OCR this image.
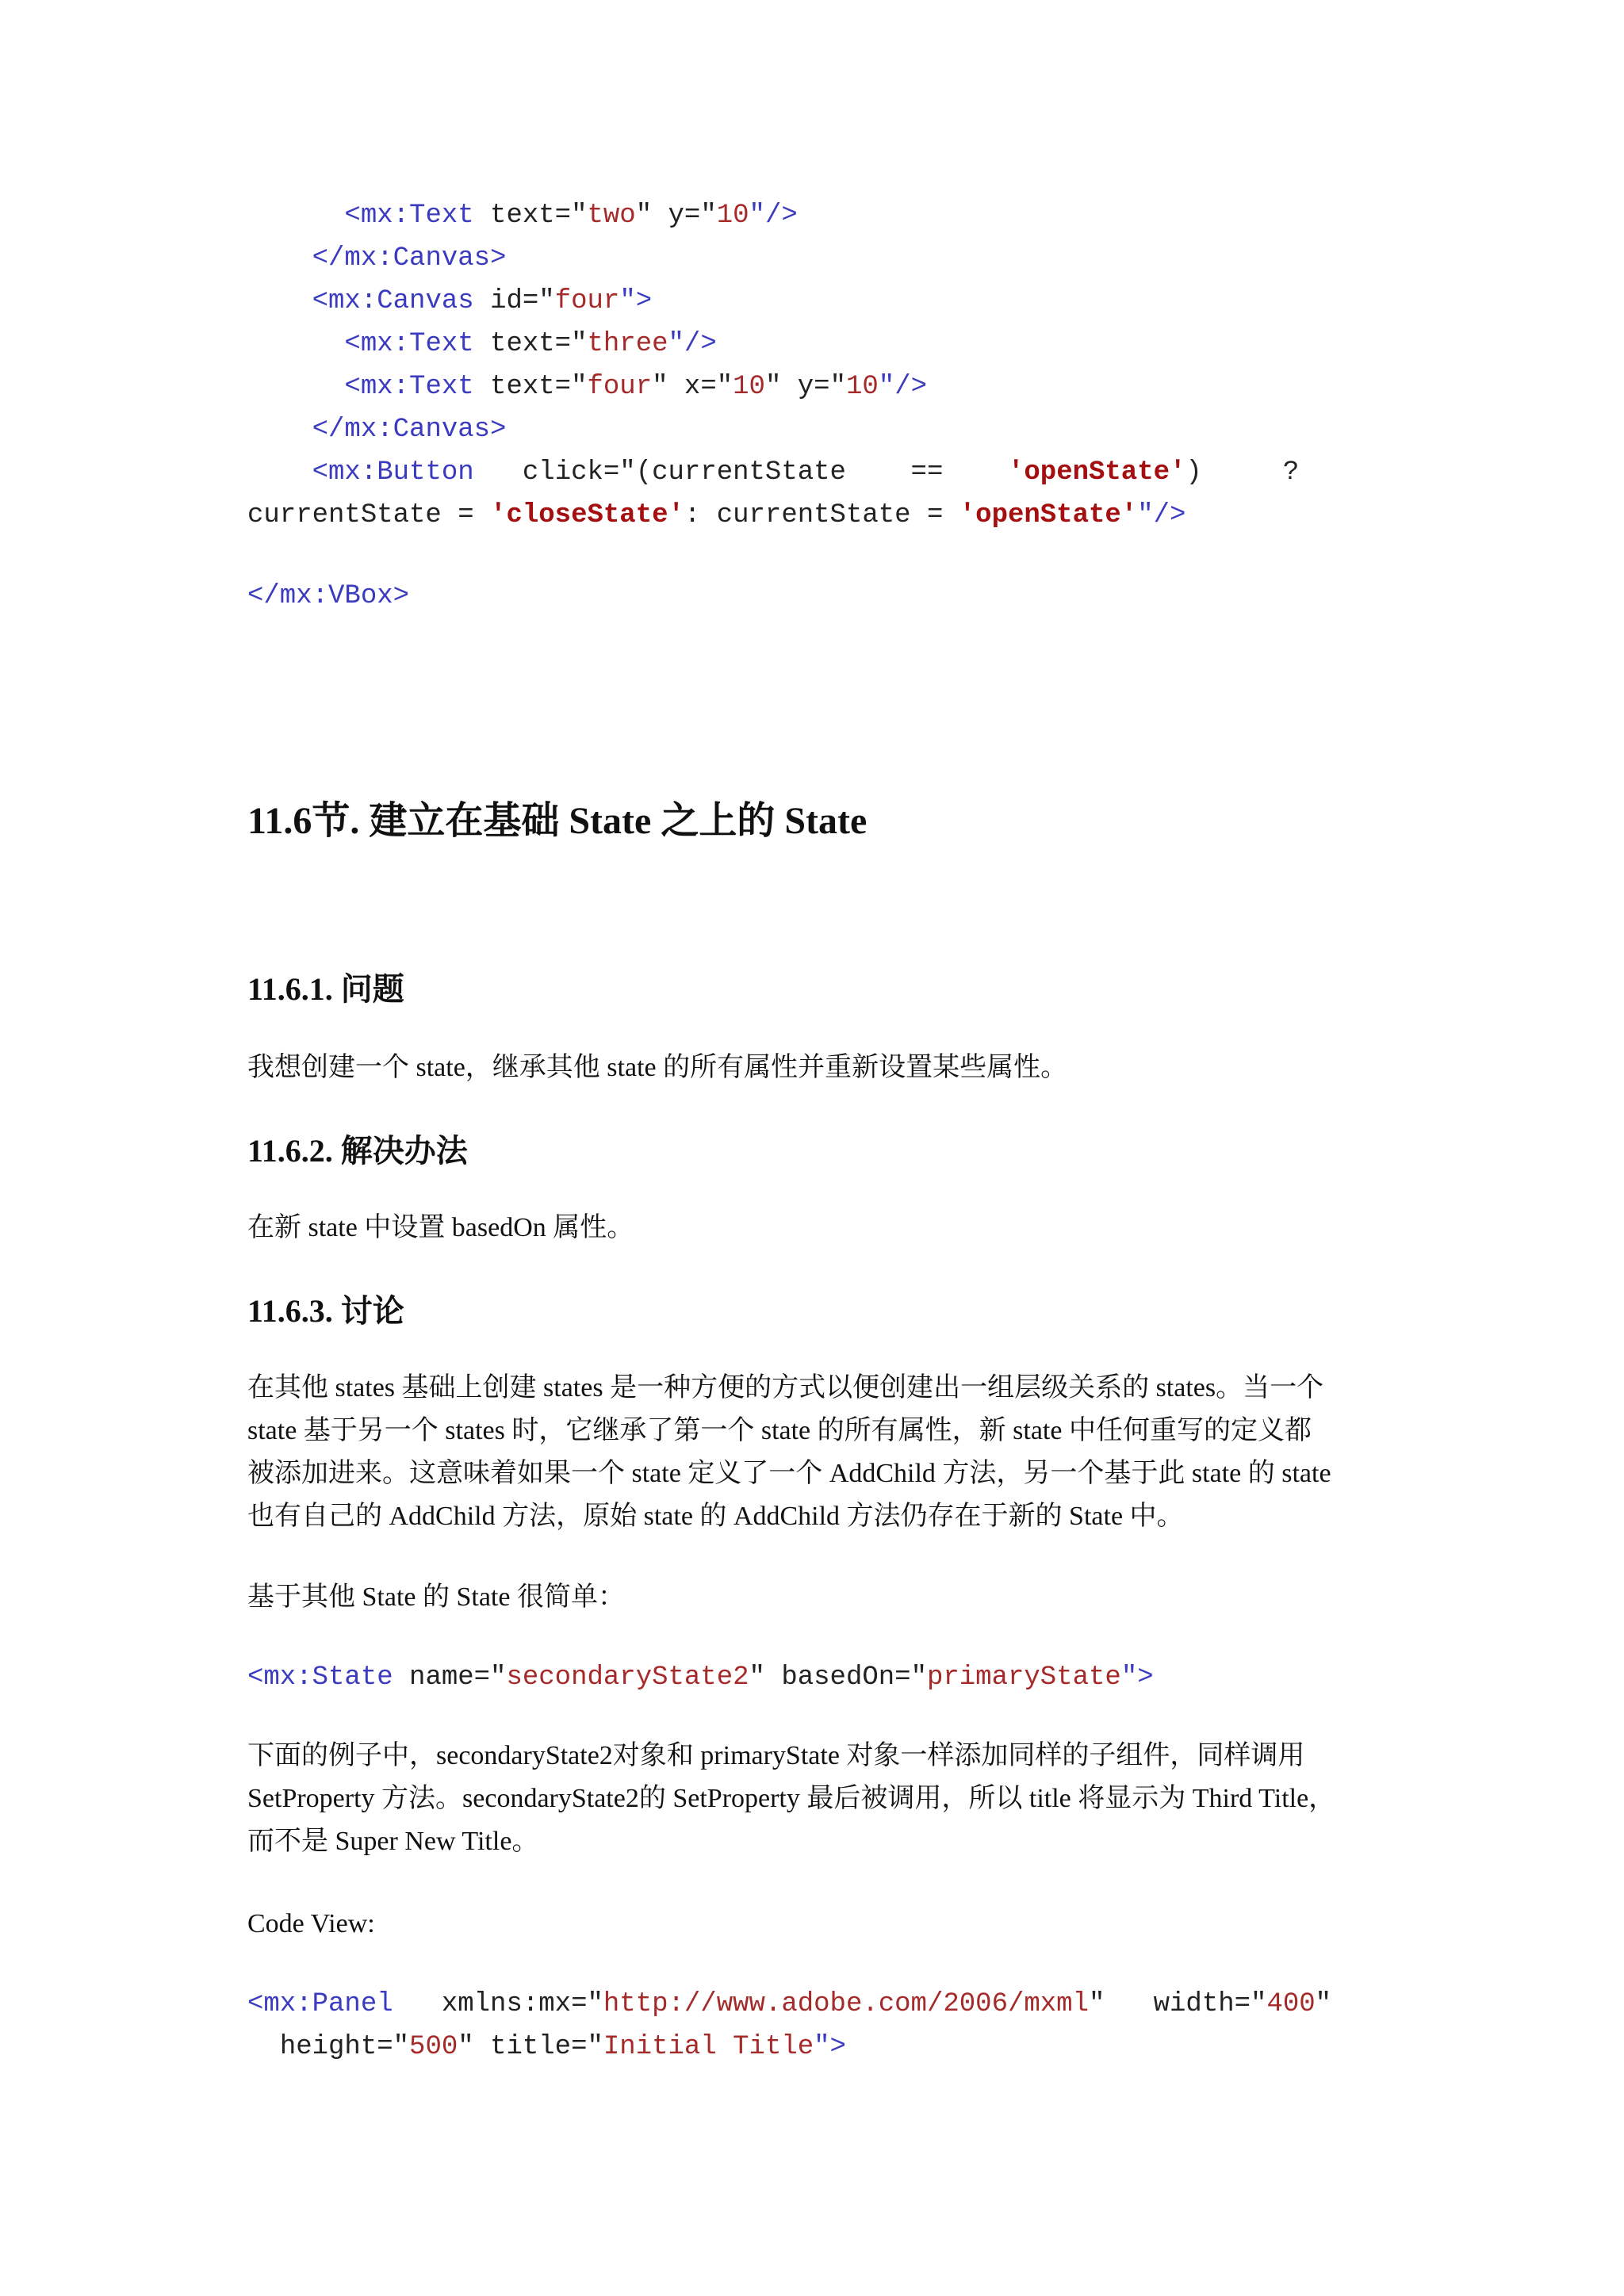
<mx:Text text="two" y="10"/>
</mx:Canvas>
<mx:Canvas id="four">
<mx:Text text="three"/>
<mx:Text text="four" x="10" y="10"/>
</mx:Canvas>
<mx:Button   click="(currentState    ==    'openState')     ?
currentState = 'closeState': currentState = 'openState'"/>
</mx:VBox>
11.6节. 建立在基础 State 之上的 State
11.6.1. 问题
我想创建一个 state，继承其他 state 的所有属性并重新设置某些属性。
11.6.2. 解决办法
在新 state 中设置 basedOn 属性。
11.6.3. 讨论
在其他 states 基础上创建 states 是一种方便的方式以便创建出一组层级关系的 states。当一个
state 基于另一个 states 时，它继承了第一个 state 的所有属性，新 state 中任何重写的定义都
被添加进来。这意味着如果一个 state 定义了一个 AddChild 方法，另一个基于此 state 的 state
也有自己的 AddChild 方法，原始 state 的 AddChild 方法仍存在于新的 State 中。
基于其他 State 的 State 很简单：
<mx:State name="secondaryState2" basedOn="primaryState">
下面的例子中，secondaryState2对象和 primaryState 对象一样添加同样的子组件，同样调用
SetProperty 方法。secondaryState2的 SetProperty 最后被调用，所以 title 将显示为 Third Title，
而不是 Super New Title。
Code View:
<mx:Panel   xmlns:mx="http://www.adobe.com/2006/mxml"   width="400"
height="500" title="Initial Title">
